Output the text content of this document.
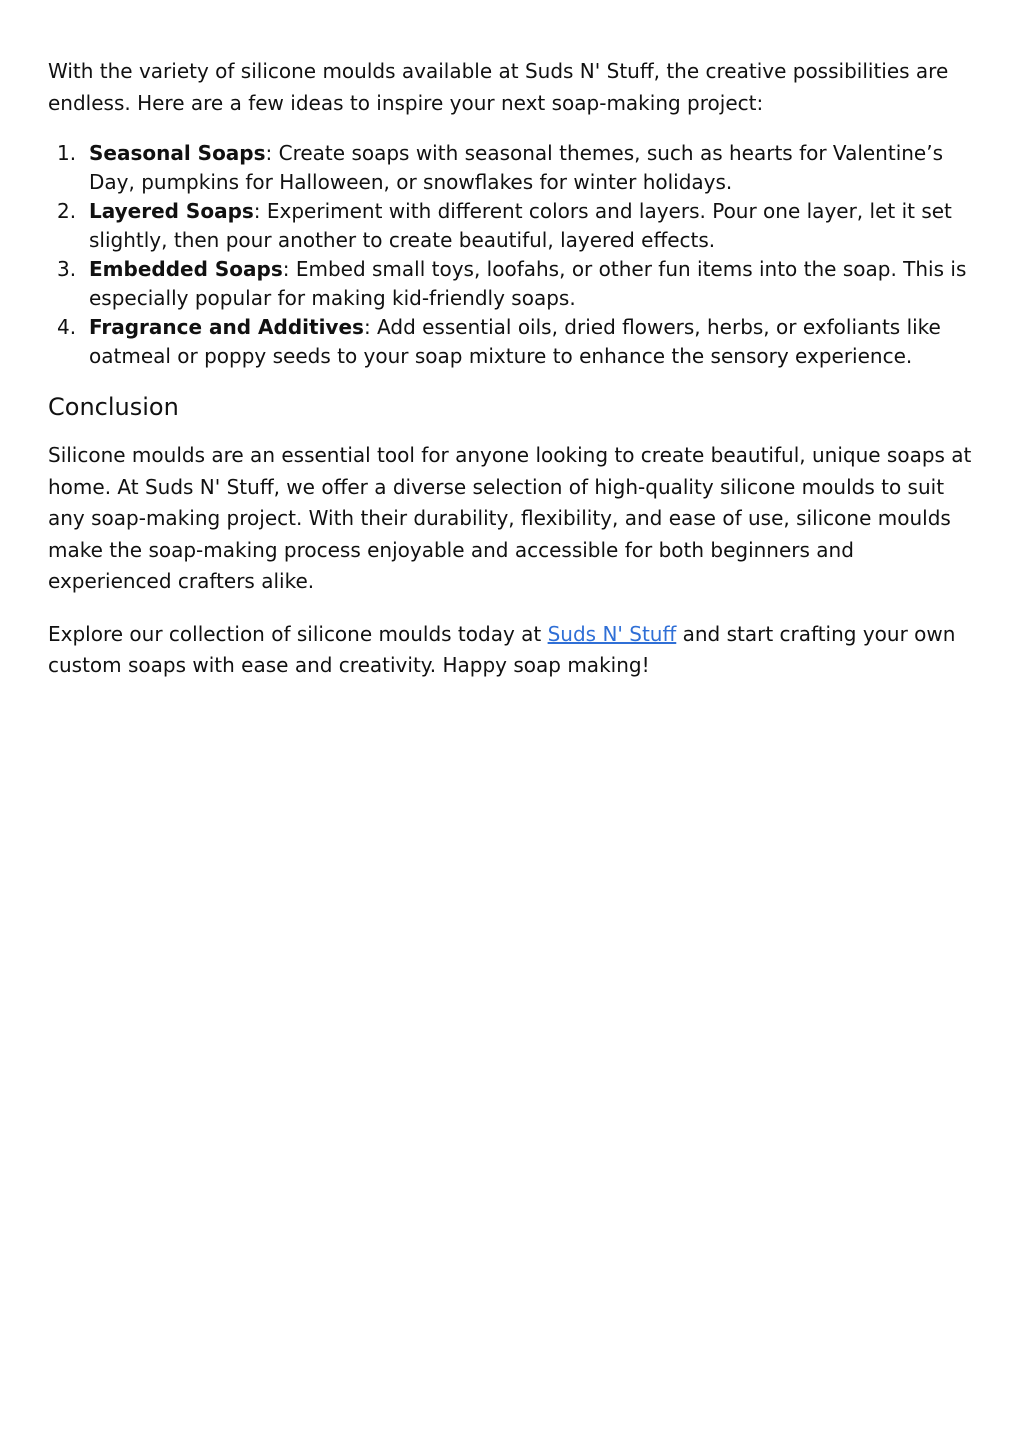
With the variety of silicone moulds available at Suds N' Stuff, the creative possibilities are endless. Here are a few ideas to inspire your next soap-making project:

1. Seasonal Soaps: Create soaps with seasonal themes, such as hearts for Valentine’s Day, pumpkins for Halloween, or snowflakes for winter holidays.
2. Layered Soaps: Experiment with different colors and layers. Pour one layer, let it set slightly, then pour another to create beautiful, layered effects.
3. Embedded Soaps: Embed small toys, loofahs, or other fun items into the soap. This is especially popular for making kid-friendly soaps.
4. Fragrance and Additives: Add essential oils, dried flowers, herbs, or exfoliants like oatmeal or poppy seeds to your soap mixture to enhance the sensory experience.
Conclusion

Silicone moulds are an essential tool for anyone looking to create beautiful, unique soaps at home. At Suds N' Stuff, we offer a diverse selection of high-quality silicone moulds to suit any soap-making project. With their durability, flexibility, and ease of use, silicone moulds make the soap-making process enjoyable and accessible for both beginners and experienced crafters alike.

Explore our collection of silicone moulds today at Suds N' Stuff and start crafting your own custom soaps with ease and creativity. Happy soap making!
